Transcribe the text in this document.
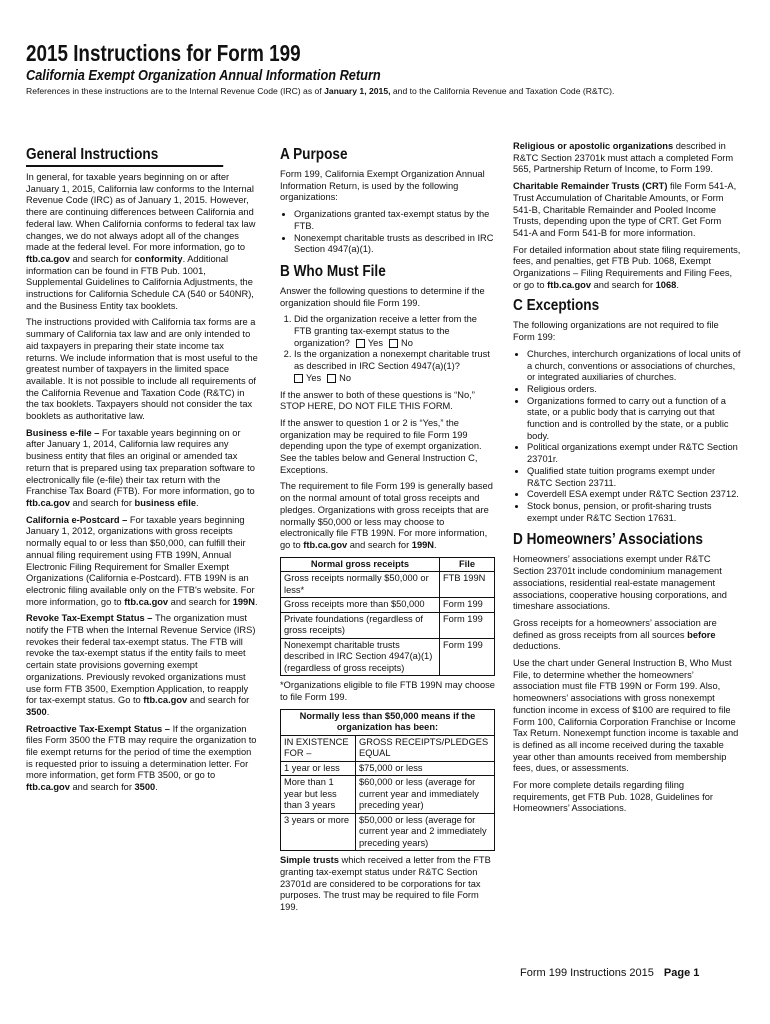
2015 Instructions for Form 199
California Exempt Organization Annual Information Return
References in these instructions are to the Internal Revenue Code (IRC) as of January 1, 2015, and to the California Revenue and Taxation Code (R&TC).
General Instructions

In general, for taxable years beginning on or after January 1, 2015, California law conforms to the Internal Revenue Code (IRC) as of January 1, 2015. However, there are continuing differences between California and federal law. When California conforms to federal tax law changes, we do not always adopt all of the changes made at the federal level. For more information, go to ftb.ca.gov and search for conformity. Additional information can be found in FTB Pub. 1001, Supplemental Guidelines to California Adjustments, the instructions for California Schedule CA (540 or 540NR), and the Business Entity tax booklets.

The instructions provided with California tax forms are a summary of California tax law and are only intended to aid taxpayers in preparing their state income tax returns. We include information that is most useful to the greatest number of taxpayers in the limited space available. It is not possible to include all requirements of the California Revenue and Taxation Code (R&TC) in the tax booklets. Taxpayers should not consider the tax booklets as authoritative law.

Business e-file – For taxable years beginning on or after January 1, 2014, California law requires any business entity that files an original or amended tax return that is prepared using tax preparation software to electronically file (e-file) their tax return with the Franchise Tax Board (FTB). For more information, go to ftb.ca.gov and search for business efile.

California e-Postcard – For taxable years beginning January 1, 2012, organizations with gross receipts normally equal to or less than $50,000, can fulfill their annual filing requirement using FTB 199N, Annual Electronic Filing Requirement for Smaller Exempt Organizations (California e-Postcard). FTB 199N is an electronic filing available only on the FTB's website. For more information, go to ftb.ca.gov and search for 199N.

Revoke Tax-Exempt Status – The organization must notify the FTB when the Internal Revenue Service (IRS) revokes their federal tax-exempt status. The FTB will revoke the tax-exempt status if the entity fails to meet certain state provisions governing exempt organizations. Previously revoked organizations must use form FTB 3500, Exemption Application, to reapply for tax-exempt status. Go to ftb.ca.gov and search for 3500.

Retroactive Tax-Exempt Status – If the organization files Form 3500 the FTB may require the organization to file exempt returns for the period of time the exemption is requested prior to issuing a determination letter. For more information, get form FTB 3500, or go to ftb.ca.gov and search for 3500.

A Purpose

Form 199, California Exempt Organization Annual Information Return, is used by the following organizations:

• Organizations granted tax-exempt status by the FTB.
• Nonexempt charitable trusts as described in IRC Section 4947(a)(1).
B Who Must File

Answer the following questions to determine if the organization should file Form 199.

1. Did the organization receive a letter from the FTB granting tax-exempt status to the organization? Yes No
2. Is the organization a nonexempt charitable trust as described in IRC Section 4947(a)(1)?
Yes No

If the answer to both of these questions is “No,” STOP HERE, DO NOT FILE THIS FORM.

If the answer to question 1 or 2 is “Yes,” the organization may be required to file Form 199 depending upon the type of exempt organization. See the tables below and General Instruction C, Exceptions.

The requirement to file Form 199 is generally based on the normal amount of total gross receipts and pledges. Organizations with gross receipts that are normally $50,000 or less may choose to electronically file FTB 199N. For more information, go to ftb.ca.gov and search for 199N.

Normal gross receipts	File
Gross receipts normally $50,000 or less*	FTB 199N
Gross receipts more than $50,000	Form 199
Private foundations (regardless of gross receipts)	Form 199
Nonexempt charitable trusts described in IRC Section 4947(a)(1) (regardless of gross receipts)	Form 199

*Organizations eligible to file FTB 199N may choose to file Form 199.

Normally less than $50,000 means if the organization has been:	
IN EXISTENCE FOR –	GROSS RECEIPTS/PLEDGES EQUAL
1 year or less	$75,000 or less
More than 1 year but less than 3 years	$60,000 or less (average for current year and immediately preceding year)
3 years or more	$50,000 or less (average for current year and 2 immediately preceding years)

Simple trusts which received a letter from the FTB granting tax-exempt status under R&TC Section 23701d are considered to be corporations for tax purposes. The trust may be required to file Form 199.

Religious or apostolic organizations described in R&TC Section 23701k must attach a completed Form 565, Partnership Return of Income, to Form 199.

Charitable Remainder Trusts (CRT) file Form 541-A, Trust Accumulation of Charitable Amounts, or Form 541-B, Charitable Remainder and Pooled Income Trusts, depending upon the type of CRT. Get Form 541-A and Form 541-B for more information.

For detailed information about state filing requirements, fees, and penalties, get FTB Pub. 1068, Exempt Organizations – Filing Requirements and Filing Fees, or go to ftb.ca.gov and search for 1068.

C Exceptions

The following organizations are not required to file Form 199:

• Churches, interchurch organizations of local units of a church, conventions or associations of churches, or integrated auxiliaries of churches.
• Religious orders.
• Organizations formed to carry out a function of a state, or a public body that is carrying out that function and is controlled by the state, or a public body.
• Political organizations exempt under R&TC Section 23701r.
• Qualified state tuition programs exempt under R&TC Section 23711.
• Coverdell ESA exempt under R&TC Section 23712.
• Stock bonus, pension, or profit-sharing trusts exempt under R&TC Section 17631.
D Homeowners’ Associations

Homeowners’ associations exempt under R&TC Section 23701t include condominium management associations, residential real-estate management associations, cooperative housing corporations, and timeshare associations.

Gross receipts for a homeowners’ association are defined as gross receipts from all sources before deductions.

Use the chart under General Instruction B, Who Must File, to determine whether the homeowners’ association must file FTB 199N or Form 199. Also, homeowners’ associations with gross nonexempt function income in excess of $100 are required to file Form 100, California Corporation Franchise or Income Tax Return. Nonexempt function income is taxable and is defined as all income received during the taxable year other than amounts received from membership fees, dues, or assessments.

For more complete details regarding filing requirements, get FTB Pub. 1028, Guidelines for Homeowners’ Associations.

Form 199 Instructions 2015 Page 1
